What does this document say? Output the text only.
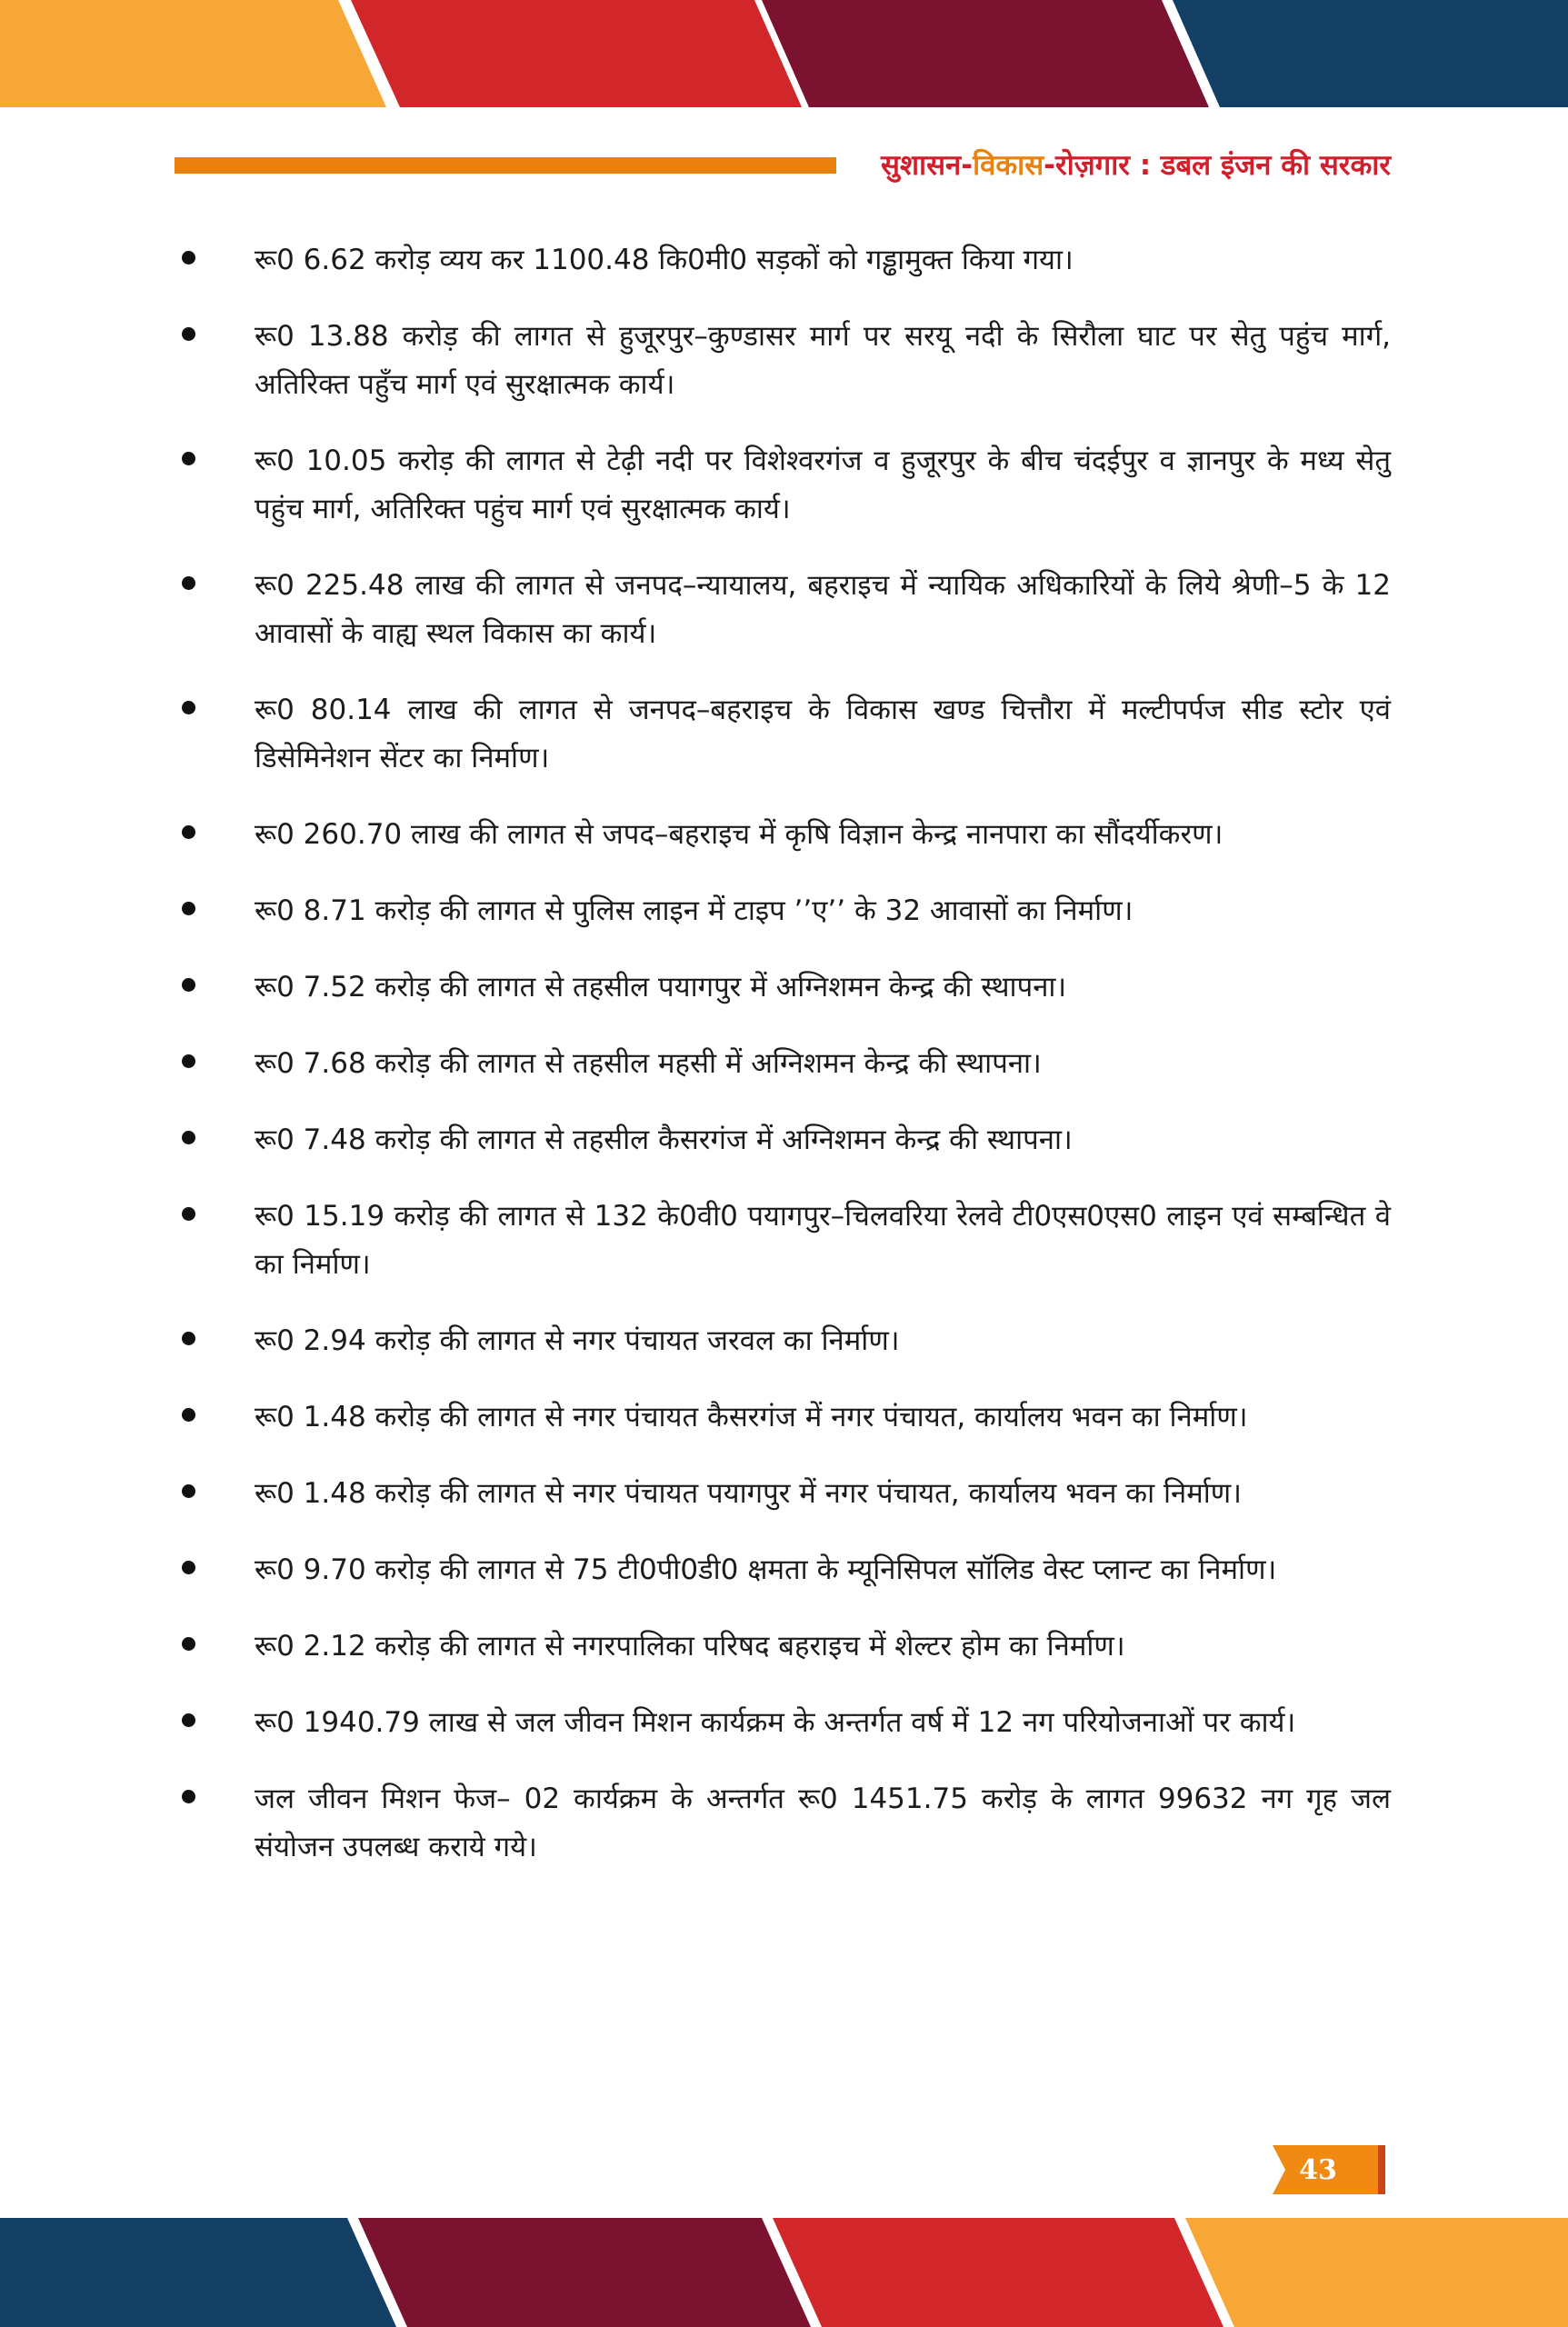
सुशासन-विकास-रोज़गार : डबल इंजन की सरकार
रू0 6.62 करोड़ व्यय कर 1100.48 कि0मी0 सड़कों को गड्ढामुक्त किया गया।
रू0 13.88 करोड़ की लागत से हुजूरपुर–कुण्डासर मार्ग पर सरयू नदी के सिरौला घाट पर सेतु पहुंच मार्ग, अतिरिक्त पहुँच मार्ग एवं सुरक्षात्मक कार्य।
रू0 10.05 करोड़ की लागत से टेढ़ी नदी पर विशेश्वरगंज व हुजूरपुर के बीच चंदईपुर व ज्ञानपुर के मध्य सेतु पहुंच मार्ग, अतिरिक्त पहुंच मार्ग एवं सुरक्षात्मक कार्य।
रू0 225.48 लाख की लागत से जनपद–न्यायालय, बहराइच में न्यायिक अधिकारियों के लिये श्रेणी–5 के 12 आवासों के वाह्य स्थल विकास का कार्य।
रू0 80.14 लाख की लागत से जनपद–बहराइच के विकास खण्ड चित्तौरा में मल्टीपर्पज सीड स्टोर एवं डिसेमिनेशन सेंटर का निर्माण।
रू0 260.70 लाख की लागत से जपद–बहराइच में कृषि विज्ञान केन्द्र नानपारा का सौंदर्यीकरण।
रू0 8.71 करोड़ की लागत से पुलिस लाइन में टाइप ’’ए’’ के 32 आवासों का निर्माण।
रू0 7.52 करोड़ की लागत से तहसील पयागपुर में अग्निशमन केन्द्र की स्थापना।
रू0 7.68 करोड़ की लागत से तहसील महसी में अग्निशमन केन्द्र की स्थापना।
रू0 7.48 करोड़ की लागत से तहसील कैसरगंज में अग्निशमन केन्द्र की स्थापना।
रू0 15.19 करोड़ की लागत से 132 के0वी0 पयागपुर–चिलवरिया रेलवे टी0एस0एस0 लाइन एवं सम्बन्धित वे का निर्माण।
रू0 2.94 करोड़ की लागत से नगर पंचायत जरवल का निर्माण।
रू0 1.48 करोड़ की लागत से नगर पंचायत कैसरगंज में नगर पंचायत, कार्यालय भवन का निर्माण।
रू0 1.48 करोड़ की लागत से नगर पंचायत पयागपुर में नगर पंचायत, कार्यालय भवन का निर्माण।
रू0 9.70 करोड़ की लागत से 75 टी0पी0डी0 क्षमता के म्यूनिसिपल सॉलिड वेस्ट प्लान्ट का निर्माण।
रू0 2.12 करोड़ की लागत से नगरपालिका परिषद बहराइच में शेल्टर होम का निर्माण।
रू0 1940.79 लाख से जल जीवन मिशन कार्यक्रम के अन्तर्गत वर्ष में 12 नग परियोजनाओं पर कार्य।
जल जीवन मिशन फेज– 02 कार्यक्रम के अन्तर्गत रू0 1451.75 करोड़ के लागत 99632 नग गृह जल संयोजन उपलब्ध कराये गये।
43
